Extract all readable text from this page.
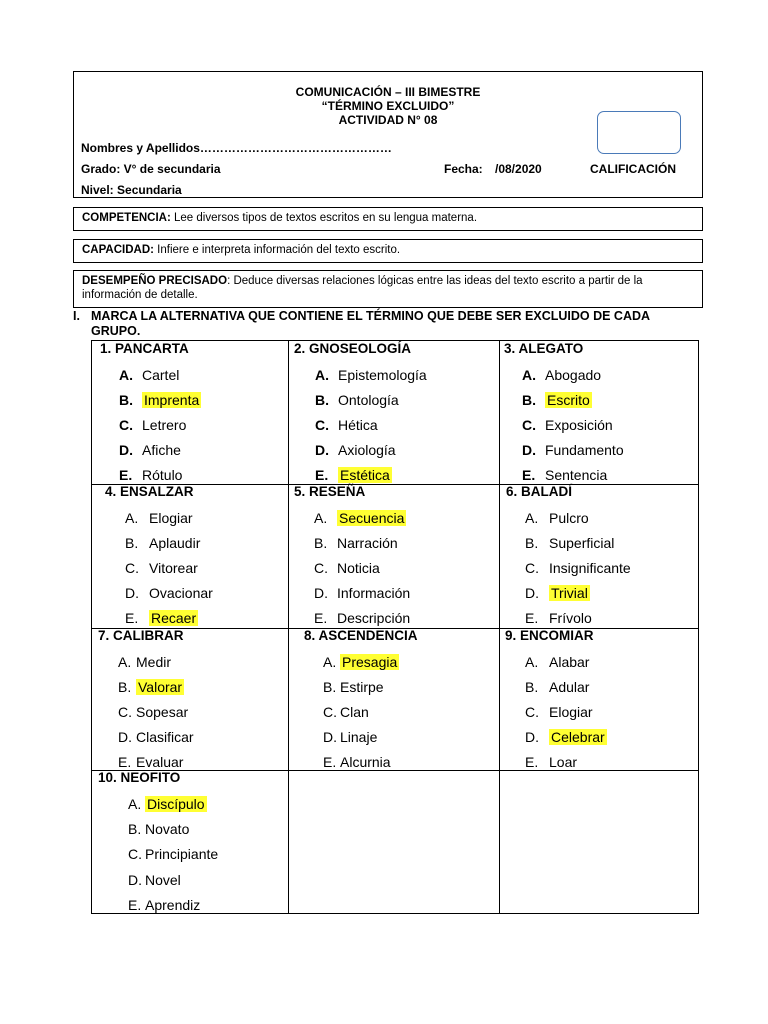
COMUNICACIÓN – III BIMESTRE
“TÉRMINO EXCLUIDO”
ACTIVIDAD N° 08
Nombres y Apellidos…………………………………………
Grado: V° de secundaria	Fecha: /08/2020	CALIFICACIÓN
Nivel: Secundaria
COMPETENCIA: Lee diversos tipos de textos escritos en su lengua materna.
CAPACIDAD: Infiere e interpreta información del texto escrito.
DESEMPEÑO PRECISADO: Deduce diversas relaciones lógicas entre las ideas del texto escrito a partir de la información de detalle.
I. MARCA LA ALTERNATIVA QUE CONTIENE EL TÉRMINO QUE DEBE SER EXCLUIDO DE CADA GRUPO.
1. PANCARTA
A. Cartel
B. Imprenta
C. Letrero
D. Afiche
E. Rótulo
2. GNOSEOLOGÍA
A. Epistemología
B. Ontología
C. Hética
D. Axiología
E. Estética
3. ALEGATO
A. Abogado
B. Escrito
C. Exposición
D. Fundamento
E. Sentencia
4. ENSALZAR
A. Elogiar
B. Aplaudir
C. Vitorear
D. Ovacionar
E. Recaer
5. RESEÑA
A. Secuencia
B. Narración
C. Noticia
D. Información
E. Descripción
6. BALADÍ
A. Pulcro
B. Superficial
C. Insignificante
D. Trivial
E. Frívolo
7. CALIBRAR
A. Medir
B. Valorar
C. Sopesar
D. Clasificar
E. Evaluar
8. ASCENDENCIA
A. Presagia
B. Estirpe
C. Clan
D. Linaje
E. Alcurnia
9. ENCOMIAR
A. Alabar
B. Adular
C. Elogiar
D. Celebrar
E. Loar
10. NEOFITO
A. Discípulo
B. Novato
C. Principiante
D. Novel
E. Aprendiz
